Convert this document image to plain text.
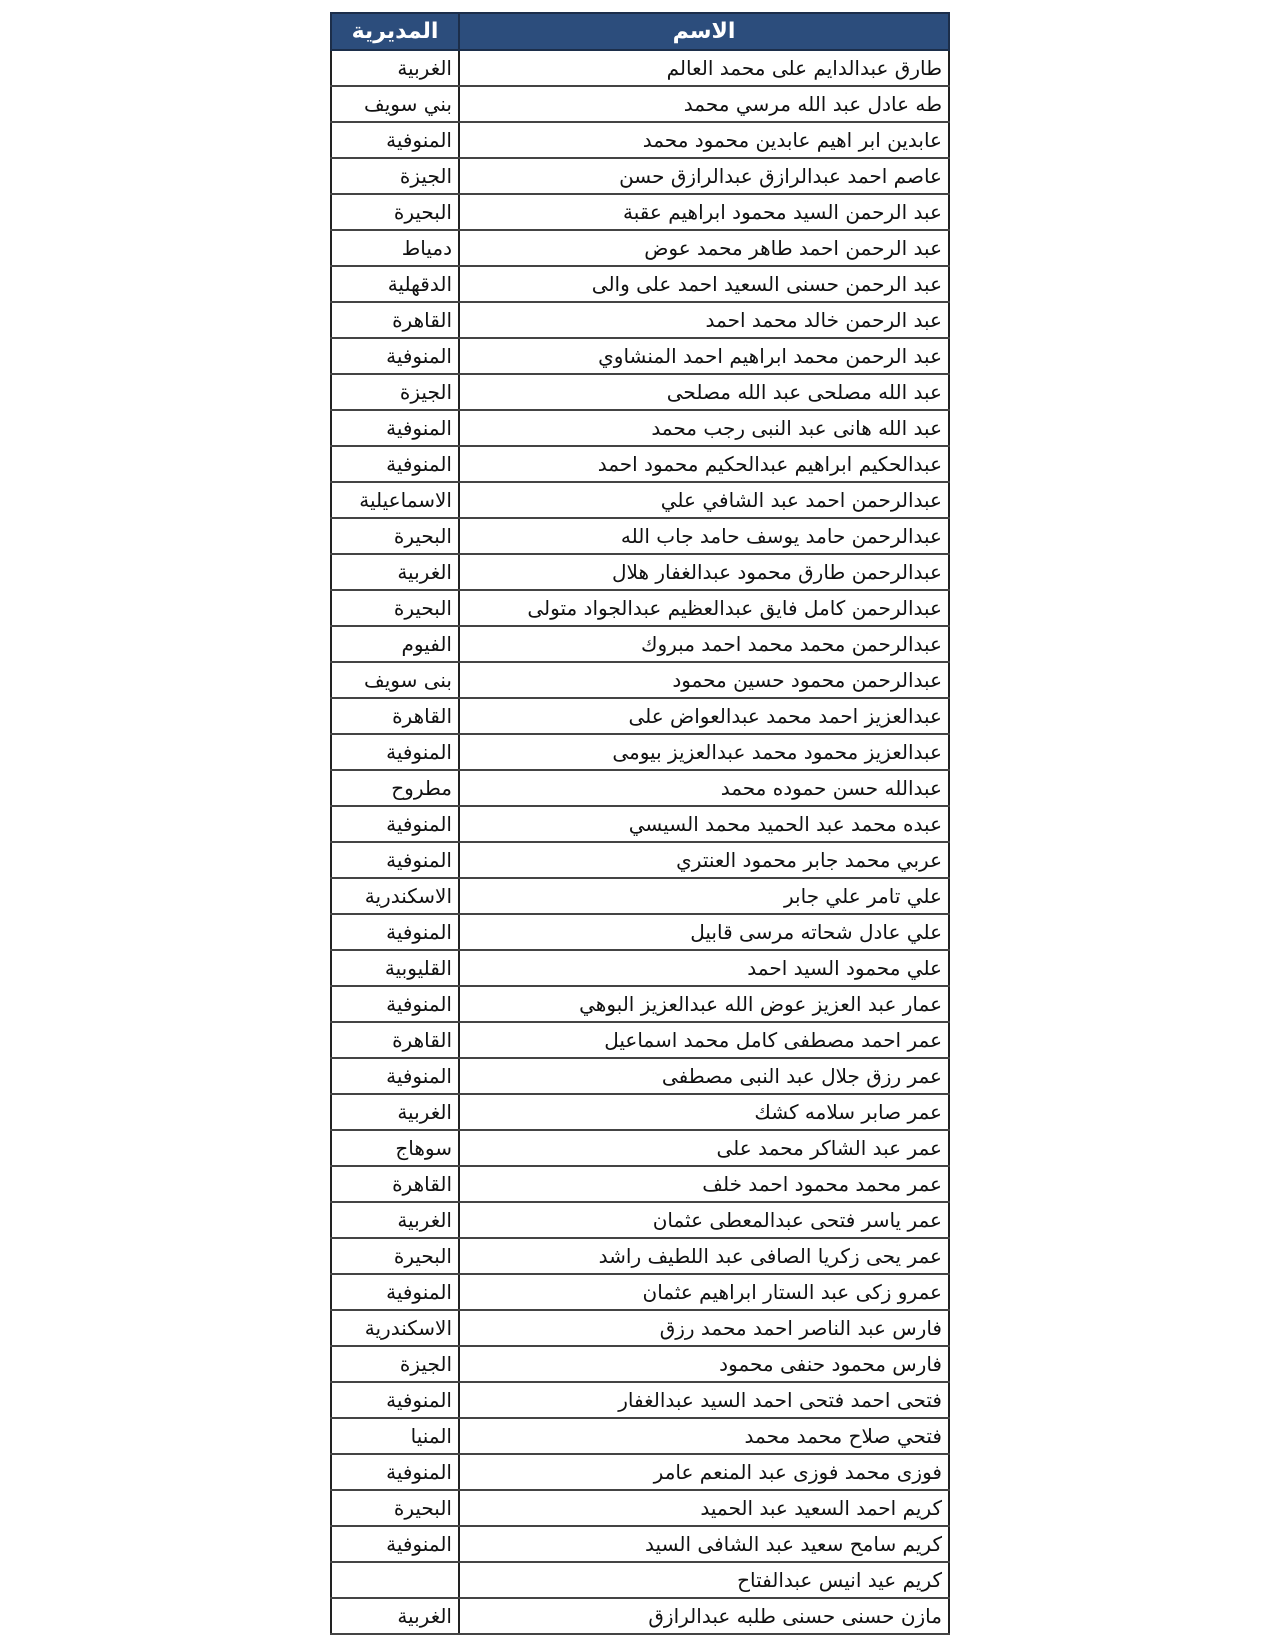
الاسم	المديرية
طارق عبدالدايم على محمد العالم	الغربية
طه عادل عبد الله مرسي محمد	بني سويف
عابدين ابر اهيم عابدين محمود محمد	المنوفية
عاصم احمد عبدالرازق عبدالرازق حسن	الجيزة
عبد الرحمن السيد محمود ابراهيم عقبة	البحيرة
عبد الرحمن احمد طاهر محمد عوض	دمياط
عبد الرحمن حسنى السعيد احمد على والى	الدقهلية
عبد الرحمن خالد محمد احمد	القاهرة
عبد الرحمن محمد ابراهيم احمد المنشاوي	المنوفية
عبد الله مصلحى عبد الله مصلحى	الجيزة
عبد الله هانى عبد النبى رجب محمد	المنوفية
عبدالحكيم ابراهيم عبدالحكيم محمود احمد	المنوفية
عبدالرحمن احمد عبد الشافي علي	الاسماعيلية
عبدالرحمن حامد يوسف حامد جاب الله	البحيرة
عبدالرحمن طارق محمود عبدالغفار هلال	الغربية
عبدالرحمن كامل فايق عبدالعظيم عبدالجواد متولى	البحيرة
عبدالرحمن محمد محمد احمد مبروك	الفيوم
عبدالرحمن محمود حسين محمود	بنى سويف
عبدالعزيز احمد محمد عبدالعواض على	القاهرة
عبدالعزيز محمود محمد عبدالعزيز بيومى	المنوفية
عبدالله حسن حموده محمد	مطروح
عبده محمد عبد الحميد محمد السيسي	المنوفية
عربي محمد جابر محمود العنتري	المنوفية
علي تامر علي جابر	الاسكندرية
علي عادل شحاته مرسى قابيل	المنوفية
علي محمود السيد احمد	القليوبية
عمار عبد العزيز عوض الله عبدالعزيز البوهي	المنوفية
عمر احمد مصطفى كامل محمد اسماعيل	القاهرة
عمر رزق جلال عبد النبى مصطفى	المنوفية
عمر صابر سلامه كشك	الغربية
عمر عبد الشاكر محمد على	سوهاج
عمر محمد محمود احمد خلف	القاهرة
عمر ياسر فتحى عبدالمعطى عثمان	الغربية
عمر يحى زكريا الصافى عبد اللطيف راشد	البحيرة
عمرو زكى عبد الستار ابراهيم عثمان	المنوفية
فارس عبد الناصر احمد محمد رزق	الاسكندرية
فارس محمود حنفى محمود	الجيزة
فتحى احمد فتحى احمد السيد عبدالغفار	المنوفية
فتحي صلاح محمد محمد	المنيا
فوزى محمد فوزى عبد المنعم عامر	المنوفية
كريم احمد السعيد عبد الحميد	البحيرة
كريم سامح سعيد عبد الشافى السيد	المنوفية
كريم عيد انيس عبدالفتاح	
مازن حسنى حسنى طلبه عبدالرازق	الغربية
